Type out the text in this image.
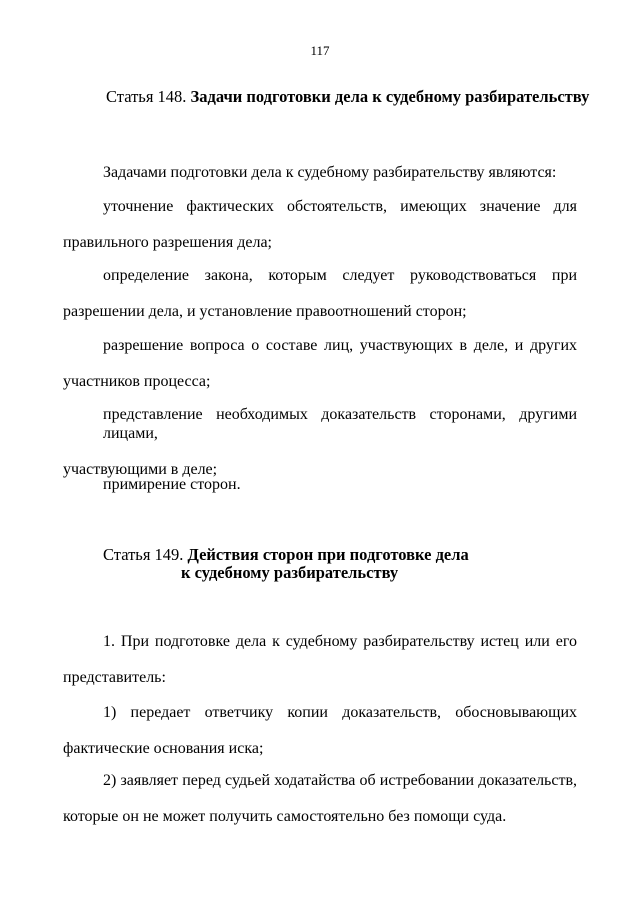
117
Статья 148. Задачи подготовки дела к судебному разбирательству
Задачами подготовки дела к судебному разбирательству являются:
уточнение фактических обстоятельств, имеющих значение для
правильного разрешения дела;
определение закона, которым следует руководствоваться при
разрешении дела, и установление правоотношений сторон;
разрешение вопроса о составе лиц, участвующих в деле, и других
участников процесса;
представление необходимых доказательств сторонами, другими лицами,
участвующими в деле;
примирение сторон.
Статья 149. Действия сторон при подготовке дела
к судебному разбирательству
1. При подготовке дела к судебному разбирательству истец или его
представитель:
1) передает ответчику копии доказательств, обосновывающих
фактические основания иска;
2) заявляет перед судьей ходатайства об истребовании доказательств,
которые он не может получить самостоятельно без помощи суда.
